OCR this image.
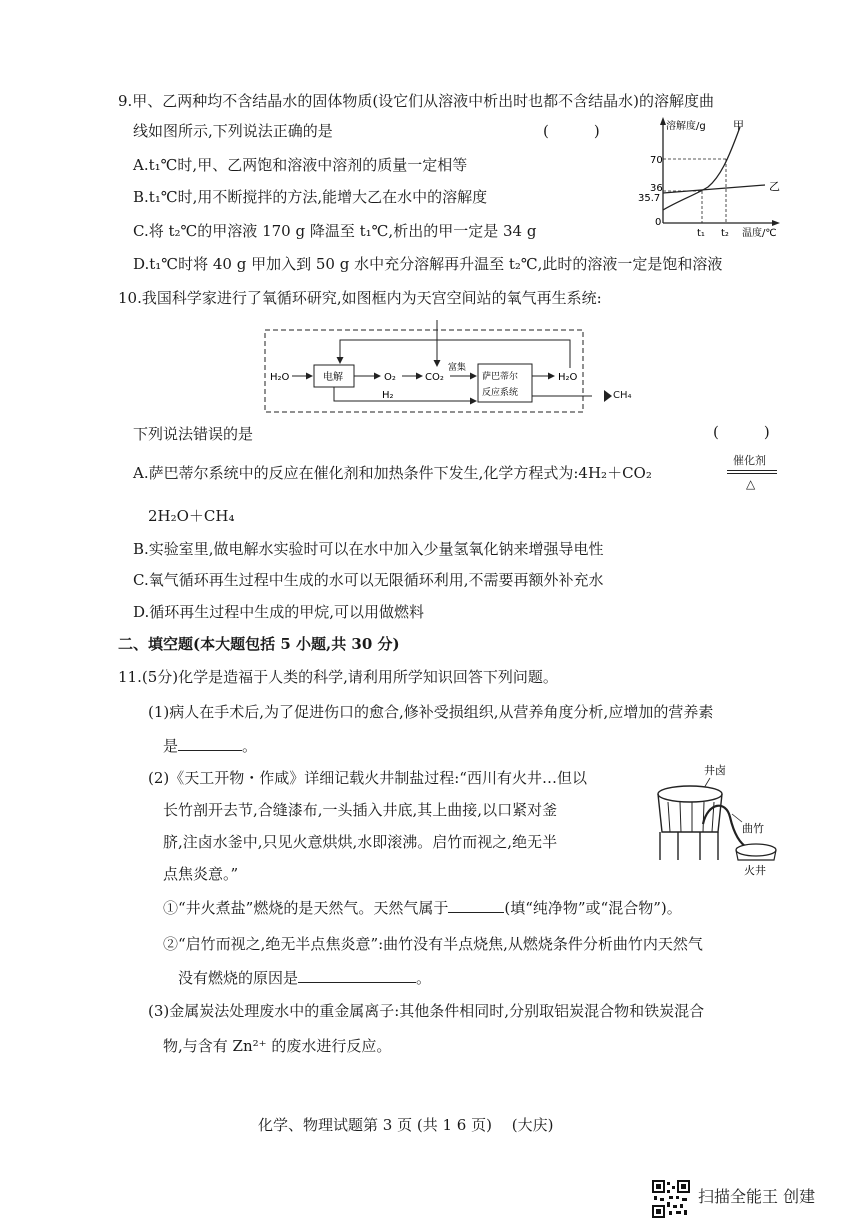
9.甲、乙两种均不含结晶水的固体物质(设它们从溶液中析出时也都不含结晶水)的溶解度曲
线如图所示,下列说法正确的是	(　　　)
A.t₁℃时,甲、乙两饱和溶液中溶剂的质量一定相等
B.t₁℃时,用不断搅拌的方法,能增大乙在水中的溶解度
C.将 t₂℃的甲溶液 170 g 降温至 t₁℃,析出的甲一定是 34 g
D.t₁℃时将 40 g 甲加入到 50 g 水中充分溶解再升温至 t₂℃,此时的溶液一定是饱和溶液
溶解度/g 甲
70
36
35.7
0
乙
t₁ t₂ 温度/℃
10.我国科学家进行了氧循环研究,如图框内为天宫空间站的氧气再生系统:
H₂O	电解	O₂	CO₂
富集
萨巴蒂尔
反应系统
H₂O
H₂	CH₄
下列说法错误的是	(　　　)
A.萨巴蒂尔系统中的反应在催化剂和加热条件下发生,化学方程式为:4H₂＋CO₂
催化剂
△
2H₂O＋CH₄
B.实验室里,做电解水实验时可以在水中加入少量氢氧化钠来增强导电性
C.氧气循环再生过程中生成的水可以无限循环利用,不需要再额外补充水
D.循环再生过程中生成的甲烷,可以用做燃料
二、填空题(本大题包括 5 小题,共 30 分)
11.(5分)化学是造福于人类的科学,请利用所学知识回答下列问题。
(1)病人在手术后,为了促进伤口的愈合,修补受损组织,从营养角度分析,应增加的营养素
是	。
(2)《天工开物・作咸》详细记载火井制盐过程:“西川有火井…但以
长竹剖开去节,合缝漆布,一头插入井底,其上曲接,以口紧对釜
脐,注卤水釜中,只见火意烘烘,水即滚沸。启竹而视之,绝无半
点焦炎意。”
井卤
曲竹
火井
①“井火煮盐”燃烧的是天然气。天然气属于	(填“纯净物”或“混合物”)。
②“启竹而视之,绝无半点焦炎意”:曲竹没有半点烧焦,从燃烧条件分析曲竹内天然气
没有燃烧的原因是	。
(3)金属炭法处理废水中的重金属离子:其他条件相同时,分别取铝炭混合物和铁炭混合
物,与含有 Zn²⁺ 的废水进行反应。
化学、物理试题第 3 页 (共 1 6 页)　 (大庆)
扫描全能王 创建
